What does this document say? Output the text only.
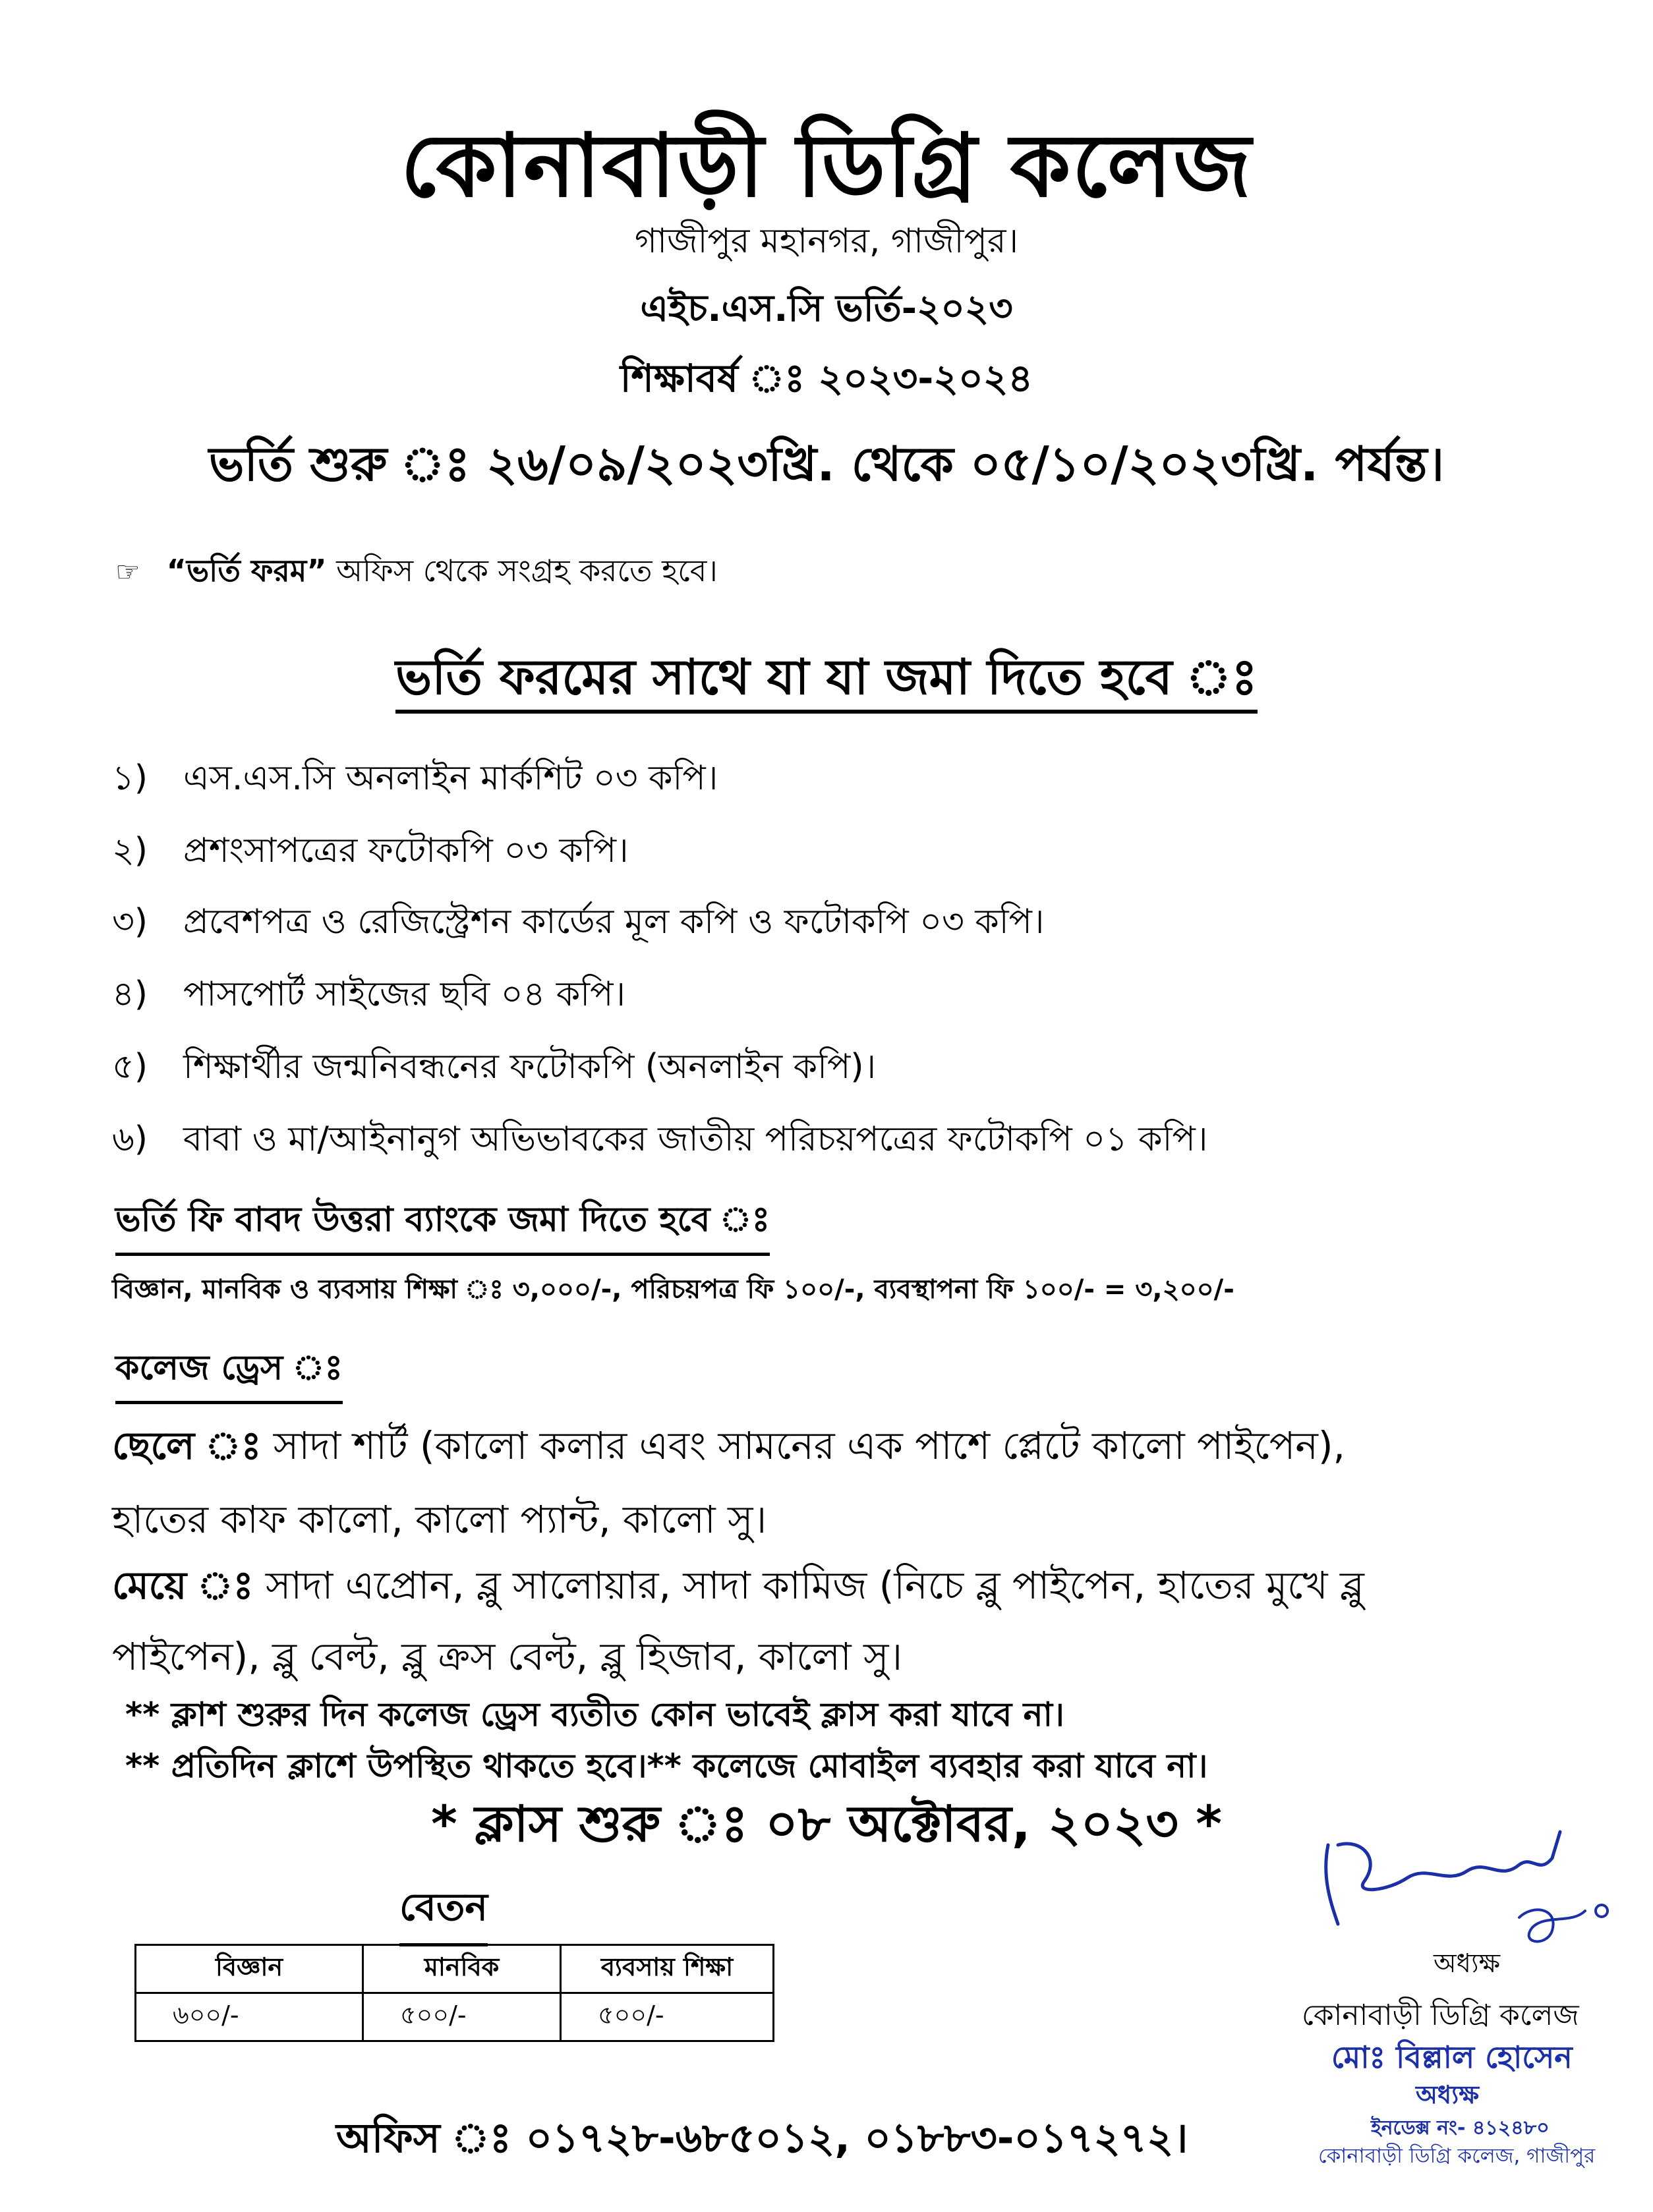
কোনাবাড়ী ডিগ্রি কলেজ
গাজীপুর মহানগর, গাজীপুর।
এইচ.এস.সি ভর্তি-২০২৩
শিক্ষাবর্ষ ঃ ২০২৩-২০২৪
ভর্তি শুরু ঃ ২৬/০৯/২০২৩খ্রি. থেকে ০৫/১০/২০২৩খ্রি. পর্যন্ত।
☞ “ভর্তি ফরম” অফিস থেকে সংগ্রহ করতে হবে।
ভর্তি ফরমের সাথে যা যা জমা দিতে হবে ঃ
১) এস.এস.সি অনলাইন মার্কশিট ০৩ কপি।
২) প্রশংসাপত্রের ফটোকপি ০৩ কপি।
৩) প্রবেশপত্র ও রেজিস্ট্রেশন কার্ডের মূল কপি ও ফটোকপি ০৩ কপি।
৪) পাসপোর্ট সাইজের ছবি ০৪ কপি।
৫) শিক্ষার্থীর জন্মনিবন্ধনের ফটোকপি (অনলাইন কপি)।
৬) বাবা ও মা/আইনানুগ অভিভাবকের জাতীয় পরিচয়পত্রের ফটোকপি ০১ কপি।
ভর্তি ফি বাবদ উত্তরা ব্যাংকে জমা দিতে হবে ঃ
বিজ্ঞান, মানবিক ও ব্যবসায় শিক্ষা ঃ ৩,০০০/-, পরিচয়পত্র ফি ১০০/-, ব্যবস্থাপনা ফি ১০০/- = ৩,২০০/-
কলেজ ড্রেস ঃ
ছেলে ঃ সাদা শার্ট (কালো কলার এবং সামনের এক পাশে প্লেটে কালো পাইপেন),
হাতের কাফ কালো, কালো প্যান্ট, কালো সু।
মেয়ে ঃ সাদা এপ্রোন, ব্লু সালোয়ার, সাদা কামিজ (নিচে ব্লু পাইপেন, হাতের মুখে ব্লু
পাইপেন), ব্লু বেল্ট, ব্লু ক্রস বেল্ট, ব্লু হিজাব, কালো সু।
** ক্লাশ শুরুর দিন কলেজ ড্রেস ব্যতীত কোন ভাবেই ক্লাস করা যাবে না।
** প্রতিদিন ক্লাশে উপস্থিত থাকতে হবে।** কলেজে মোবাইল ব্যবহার করা যাবে না।
* ক্লাস শুরু ঃ ০৮ অক্টোবর, ২০২৩ *
বেতন
বিজ্ঞান	মানবিক	ব্যবসায় শিক্ষা
৬০০/-	৫০০/-	৫০০/-
অধ্যক্ষ
কোনাবাড়ী ডিগ্রি কলেজ
মোঃ বিল্লাল হোসেন
অধ্যক্ষ
ইনডেক্স নং- ৪১২৪৮০
কোনাবাড়ী ডিগ্রি কলেজ, গাজীপুর
অফিস ঃ ০১৭২৮-৬৮৫০১২, ০১৮৮৩-০১৭২৭২।
